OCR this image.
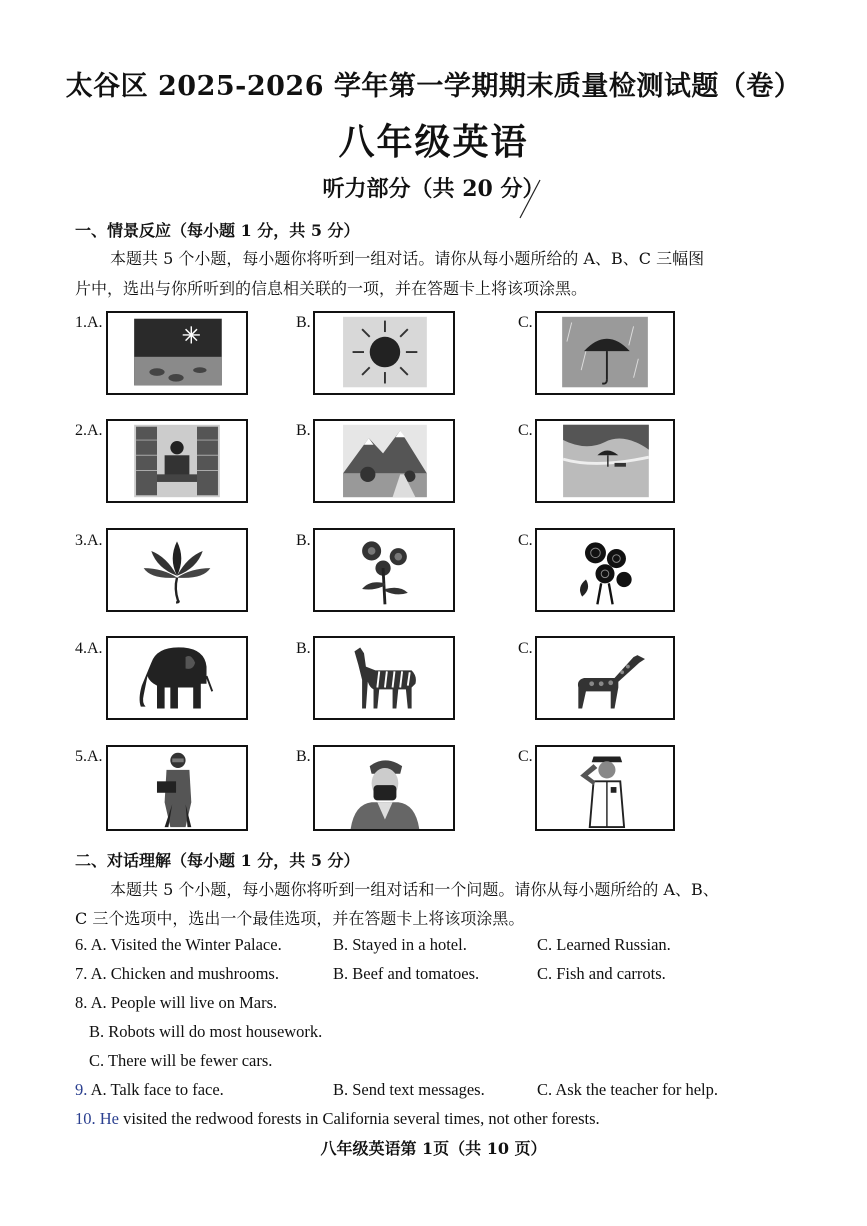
太谷区 2025-2026 学年第一学期期末质量检测试题（卷）
八年级英语
听力部分（共 20 分）
一、情景反应（每小题 1 分，共 5 分）
本题共 5 个小题，每小题你将听到一组对话。请你从每小题所给的 A、B、C 三幅图
片中，选出与你所听到的信息相关联的一项，并在答题卡上将该项涂黑。
1.A.	B.	C.
2.A.	B.	C.
3.A.	B.	C.
4.A.	B.	C.
5.A.	B.	C.
二、对话理解（每小题 1 分，共 5 分）
本题共 5 个小题，每小题你将听到一组对话和一个问题。请你从每小题所给的 A、B、
C 三个选项中，选出一个最佳选项，并在答题卡上将该项涂黑。
6. A. Visited the Winter Palace.	B. Stayed in a hotel.	C. Learned Russian.
7. A. Chicken and mushrooms.	B. Beef and tomatoes.	C. Fish and carrots.
8. A. People will live on Mars.
B. Robots will do most housework.
C. There will be fewer cars.
9. A. Talk face to face.	B. Send text messages.	C. Ask the teacher for help.
10. He visited the redwood forests in California several times, not other forests.
八年级英语第 1页（共 10 页）
